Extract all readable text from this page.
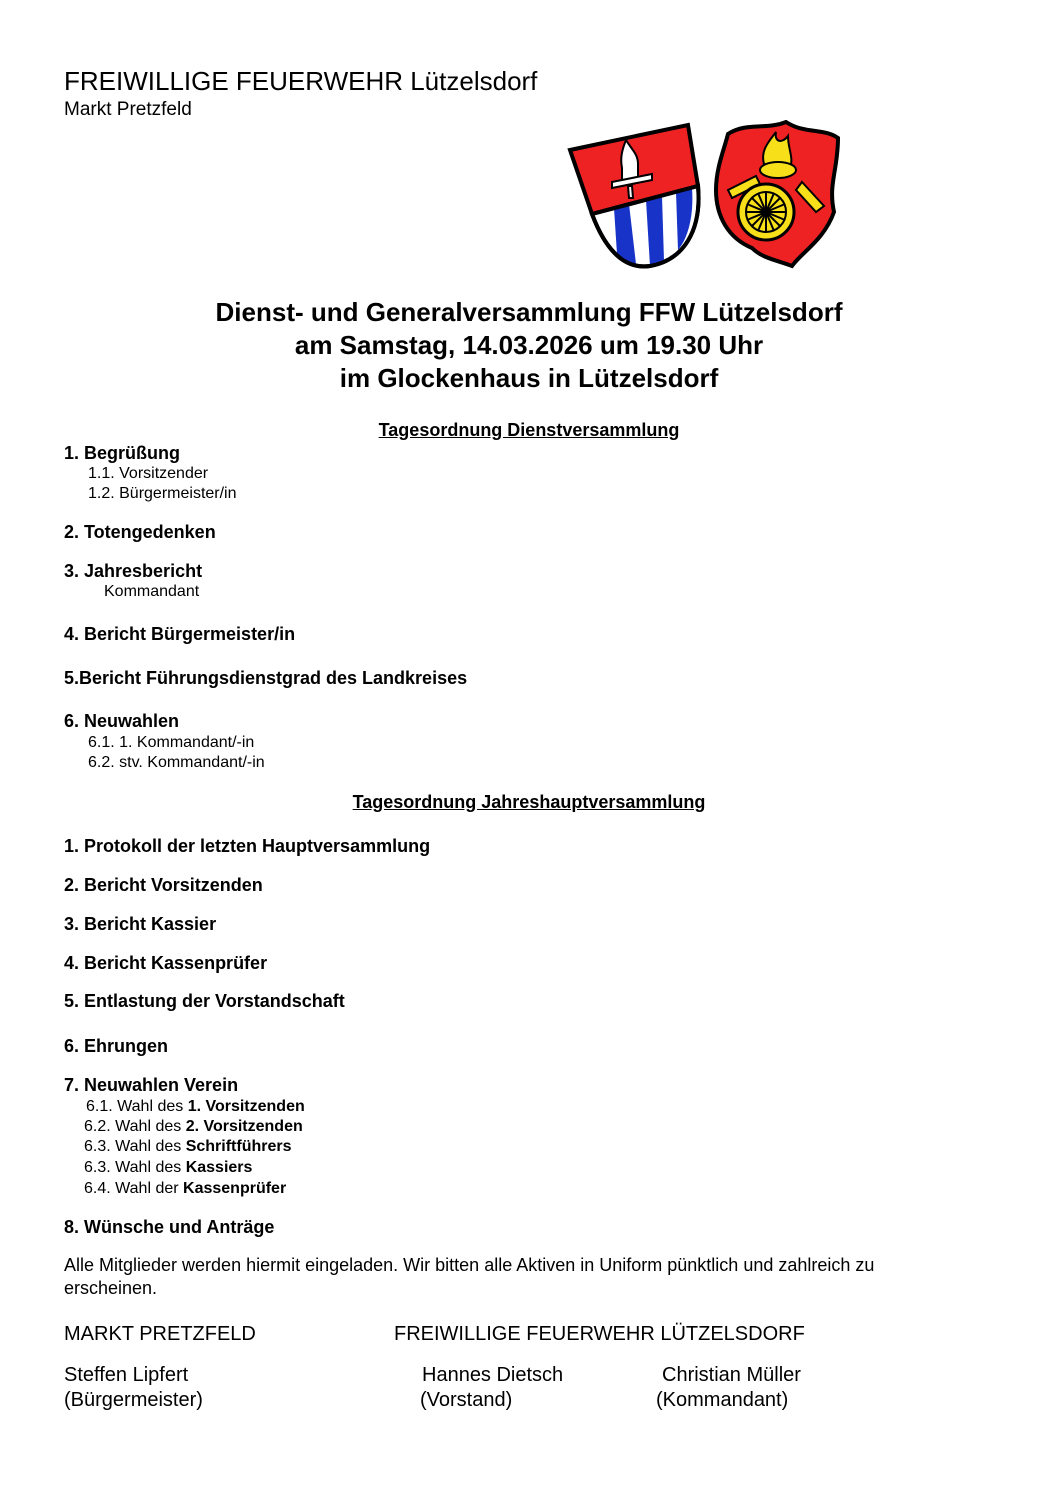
FREIWILLIGE FEUERWEHR Lützelsdorf
Markt Pretzfeld
Dienst- und Generalversammlung FFW Lützelsdorf
am Samstag, 14.03.2026 um 19.30 Uhr
im Glockenhaus in Lützelsdorf
Tagesordnung Dienstversammlung
1. Begrüßung
1.1. Vorsitzender
1.2. Bürgermeister/in
2. Totengedenken
3. Jahresbericht
Kommandant
4. Bericht Bürgermeister/in
5.Bericht Führungsdienstgrad des Landkreises
6. Neuwahlen
6.1. 1. Kommandant/-in
6.2. stv. Kommandant/-in
Tagesordnung Jahreshauptversammlung
1. Protokoll der letzten Hauptversammlung
2. Bericht Vorsitzenden
3. Bericht Kassier
4. Bericht Kassenprüfer
5. Entlastung der Vorstandschaft
6. Ehrungen
7. Neuwahlen Verein
6.1. Wahl des 1. Vorsitzenden
6.2. Wahl des 2. Vorsitzenden
6.3. Wahl des Schriftführers
6.3. Wahl des Kassiers
6.4. Wahl der Kassenprüfer
8. Wünsche und Anträge
Alle Mitglieder werden hiermit eingeladen. Wir bitten alle Aktiven in Uniform pünktlich und zahlreich zu erscheinen.
MARKT PRETZFELD	FREIWILLIGE FEUERWEHR LÜTZELSDORF
Steffen Lipfert
(Bürgermeister)
Hannes Dietsch
(Vorstand)
Christian Müller
(Kommandant)
